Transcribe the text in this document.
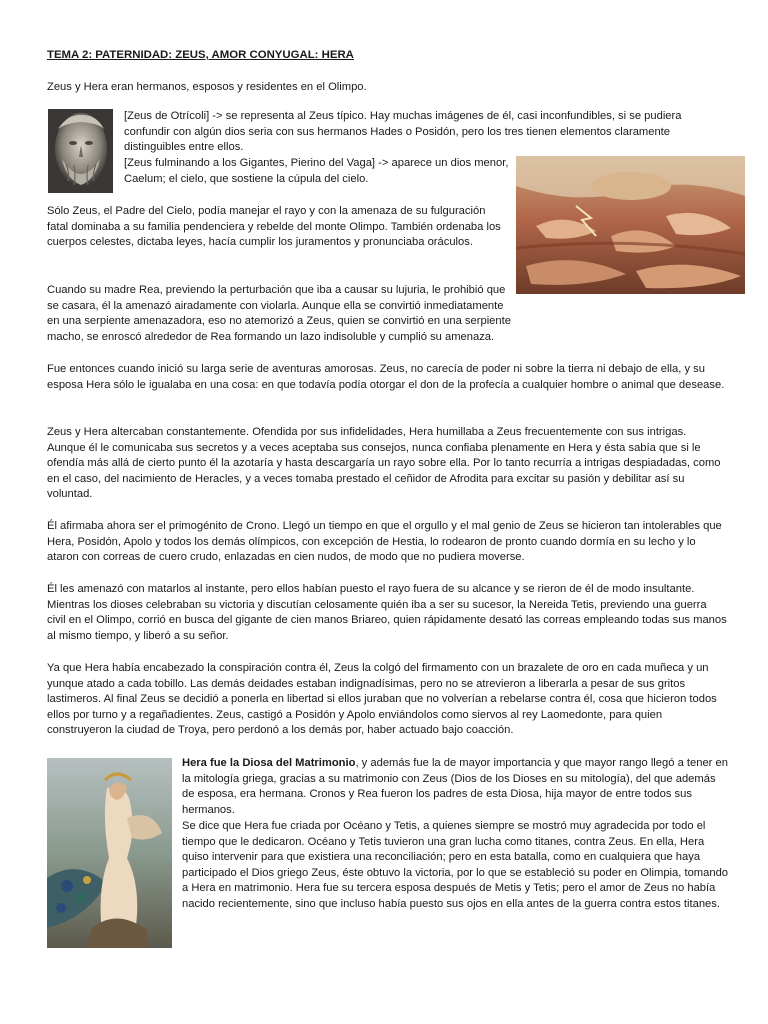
TEMA 2: PATERNIDAD: ZEUS, AMOR CONYUGAL: HERA

Zeus y Hera eran hermanos, esposos y residentes en el Olimpo.

[Zeus de Otrícoli] -> se representa al Zeus típico. Hay muchas imágenes de él, casi inconfundibles, si se pudiera confundir con algún dios seria con sus hermanos Hades o Posidón, pero los tres tienen elementos claramente distinguibles entre ellos.

[Zeus fulminando a los Gigantes, Pierino del Vaga] -> aparece un dios menor, Caelum; el cielo, que sostiene la cúpula del cielo.

Sólo Zeus, el Padre del Cielo, podía manejar el rayo y con la amenaza de su fulguración fatal dominaba a su familia pendenciera y rebelde del monte Olimpo. También ordenaba los cuerpos celestes, dictaba leyes, hacía cumplir los juramentos y pronunciaba oráculos.

Cuando su madre Rea, previendo la perturbación que iba a causar su lujuria, le prohibió que se casara, él la amenazó airadamente con violarla. Aunque ella se convirtió inmediatamente en una serpiente amenazadora, eso no atemorizó a Zeus, quien se convirtió en una serpiente macho, se enroscó alrededor de Rea formando un lazo indisoluble y cumplió su amenaza.

Fue entonces cuando inició su larga serie de aventuras amorosas. Zeus, no carecía de poder ni sobre la tierra ni debajo de ella, y su esposa Hera sólo le igualaba en una cosa: en que todavía podía otorgar el don de la profecía a cualquier hombre o animal que desease.

Zeus y Hera altercaban constantemente. Ofendida por sus infidelidades, Hera humillaba a Zeus frecuentemente con sus intrigas. Aunque él le comunicaba sus secretos y a veces aceptaba sus consejos, nunca confiaba plenamente en Hera y ésta sabía que si le ofendía más allá de cierto punto él la azotaría y hasta descargaría un rayo sobre ella. Por lo tanto recurría a intrigas despiadadas, como en el caso, del nacimiento de Heracles, y a veces tomaba prestado el ceñidor de Afrodita para excitar su pasión y debilitar así su voluntad.

Él afirmaba ahora ser el primogénito de Crono. Llegó un tiempo en que el orgullo y el mal genio de Zeus se hicieron tan intolerables que Hera, Posidón, Apolo y todos los demás olímpicos, con excepción de Hestia, lo rodearon de pronto cuando dormía en su lecho y lo ataron con correas de cuero crudo, enlazadas en cien nudos, de modo que no pudiera moverse.

Él les amenazó con matarlos al instante, pero ellos habían puesto el rayo fuera de su alcance y se rieron de él de modo insultante. Mientras los dioses celebraban su victoria y discutían celosamente quién iba a ser su sucesor, la Nereida Tetis, previendo una guerra civil en el Olimpo, corrió en busca del gigante de cien manos Briareo, quien rápidamente desató las correas empleando todas sus manos al mismo tiempo, y liberó a su señor.

Ya que Hera había encabezado la conspiración contra él, Zeus la colgó del firmamento con un brazalete de oro en cada muñeca y un yunque atado a cada tobillo. Las demás deidades estaban indignadísimas, pero no se atrevieron a liberarla a pesar de sus gritos lastimeros. Al final Zeus se decidió a ponerla en libertad si ellos juraban que no volverían a rebelarse contra él, cosa que hicieron todos ellos por turno y a regañadientes. Zeus, castigó a Posidón y Apolo enviándolos como siervos al rey Laomedonte, para quien construyeron la ciudad de Troya, pero perdonó a los demás por, haber actuado bajo coacción.

Hera fue la Diosa del Matrimonio, y además fue la de mayor importancia y que mayor rango llegó a tener en la mitología griega, gracias a su matrimonio con Zeus (Dios de los Dioses en su mitología), del que además de esposa, era hermana. Cronos y Rea fueron los padres de esta Diosa, hija mayor de entre todos sus hermanos.

Se dice que Hera fue criada por Océano y Tetis, a quienes siempre se mostró muy agradecida por todo el tiempo que le dedicaron. Océano y Tetis tuvieron una gran lucha como titanes, contra Zeus. En ella, Hera quiso intervenir para que existiera una reconciliación; pero en esta batalla, como en cualquiera que haya participado el Dios griego Zeus, éste obtuvo la victoria, por lo que se estableció su poder en Olimpia, tomando a Hera en matrimonio. Hera fue su tercera esposa después de Metis y Tetis; pero el amor de Zeus no había nacido recientemente, sino que incluso había puesto sus ojos en ella antes de la guerra contra estos titanes.
